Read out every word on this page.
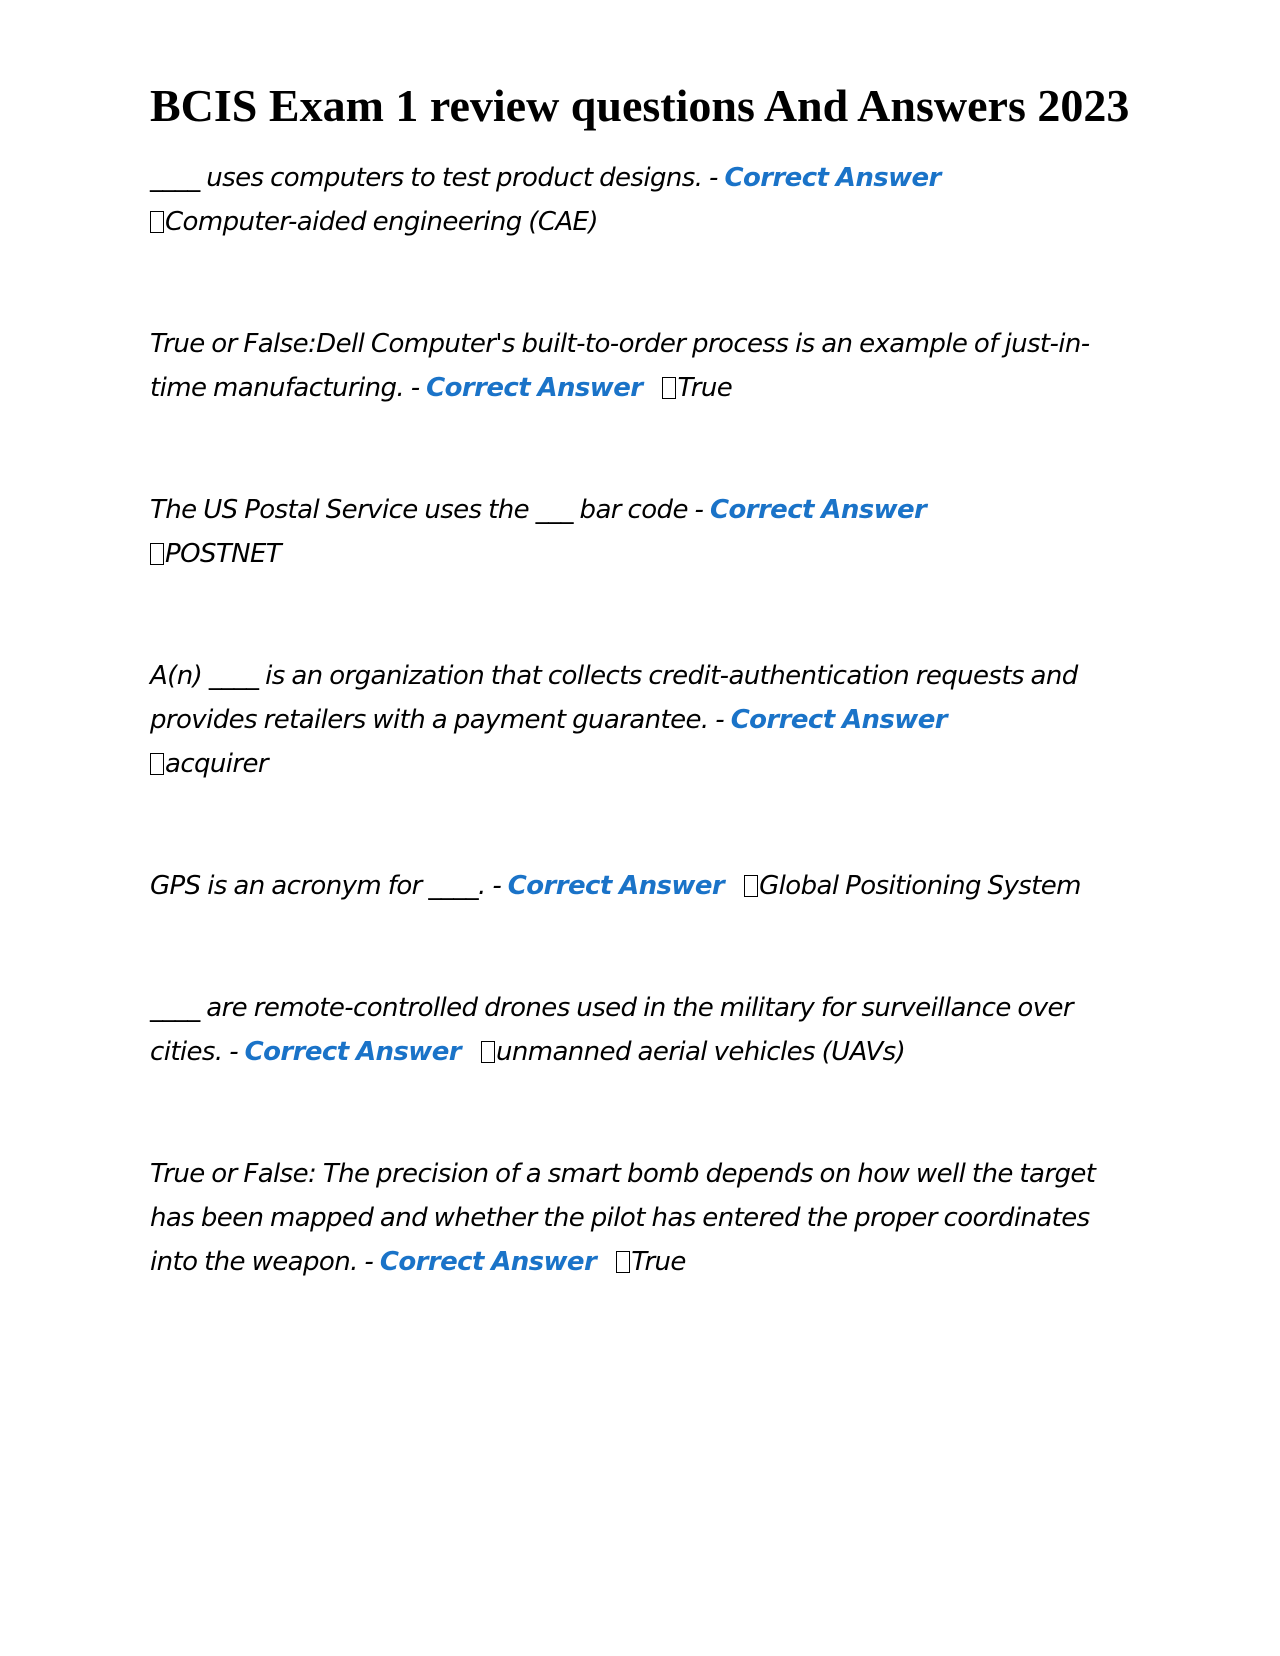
BCIS Exam 1 review questions And Answers 2023

____ uses computers to test product designs. - Correct Answer
Computer-aided engineering (CAE)

True or False:Dell Computer's built-to-order process is an example of just-in-time manufacturing. - Correct Answer True

The US Postal Service uses the ___ bar code - Correct Answer
POSTNET

A(n) ____ is an organization that collects credit-authentication requests and provides retailers with a payment guarantee. - Correct Answer
acquirer

GPS is an acronym for ____. - Correct Answer Global Positioning System

____ are remote-controlled drones used in the military for surveillance over cities. - Correct Answer unmanned aerial vehicles (UAVs)

True or False: The precision of a smart bomb depends on how well the target has been mapped and whether the pilot has entered the proper coordinates into the weapon. - Correct Answer True
